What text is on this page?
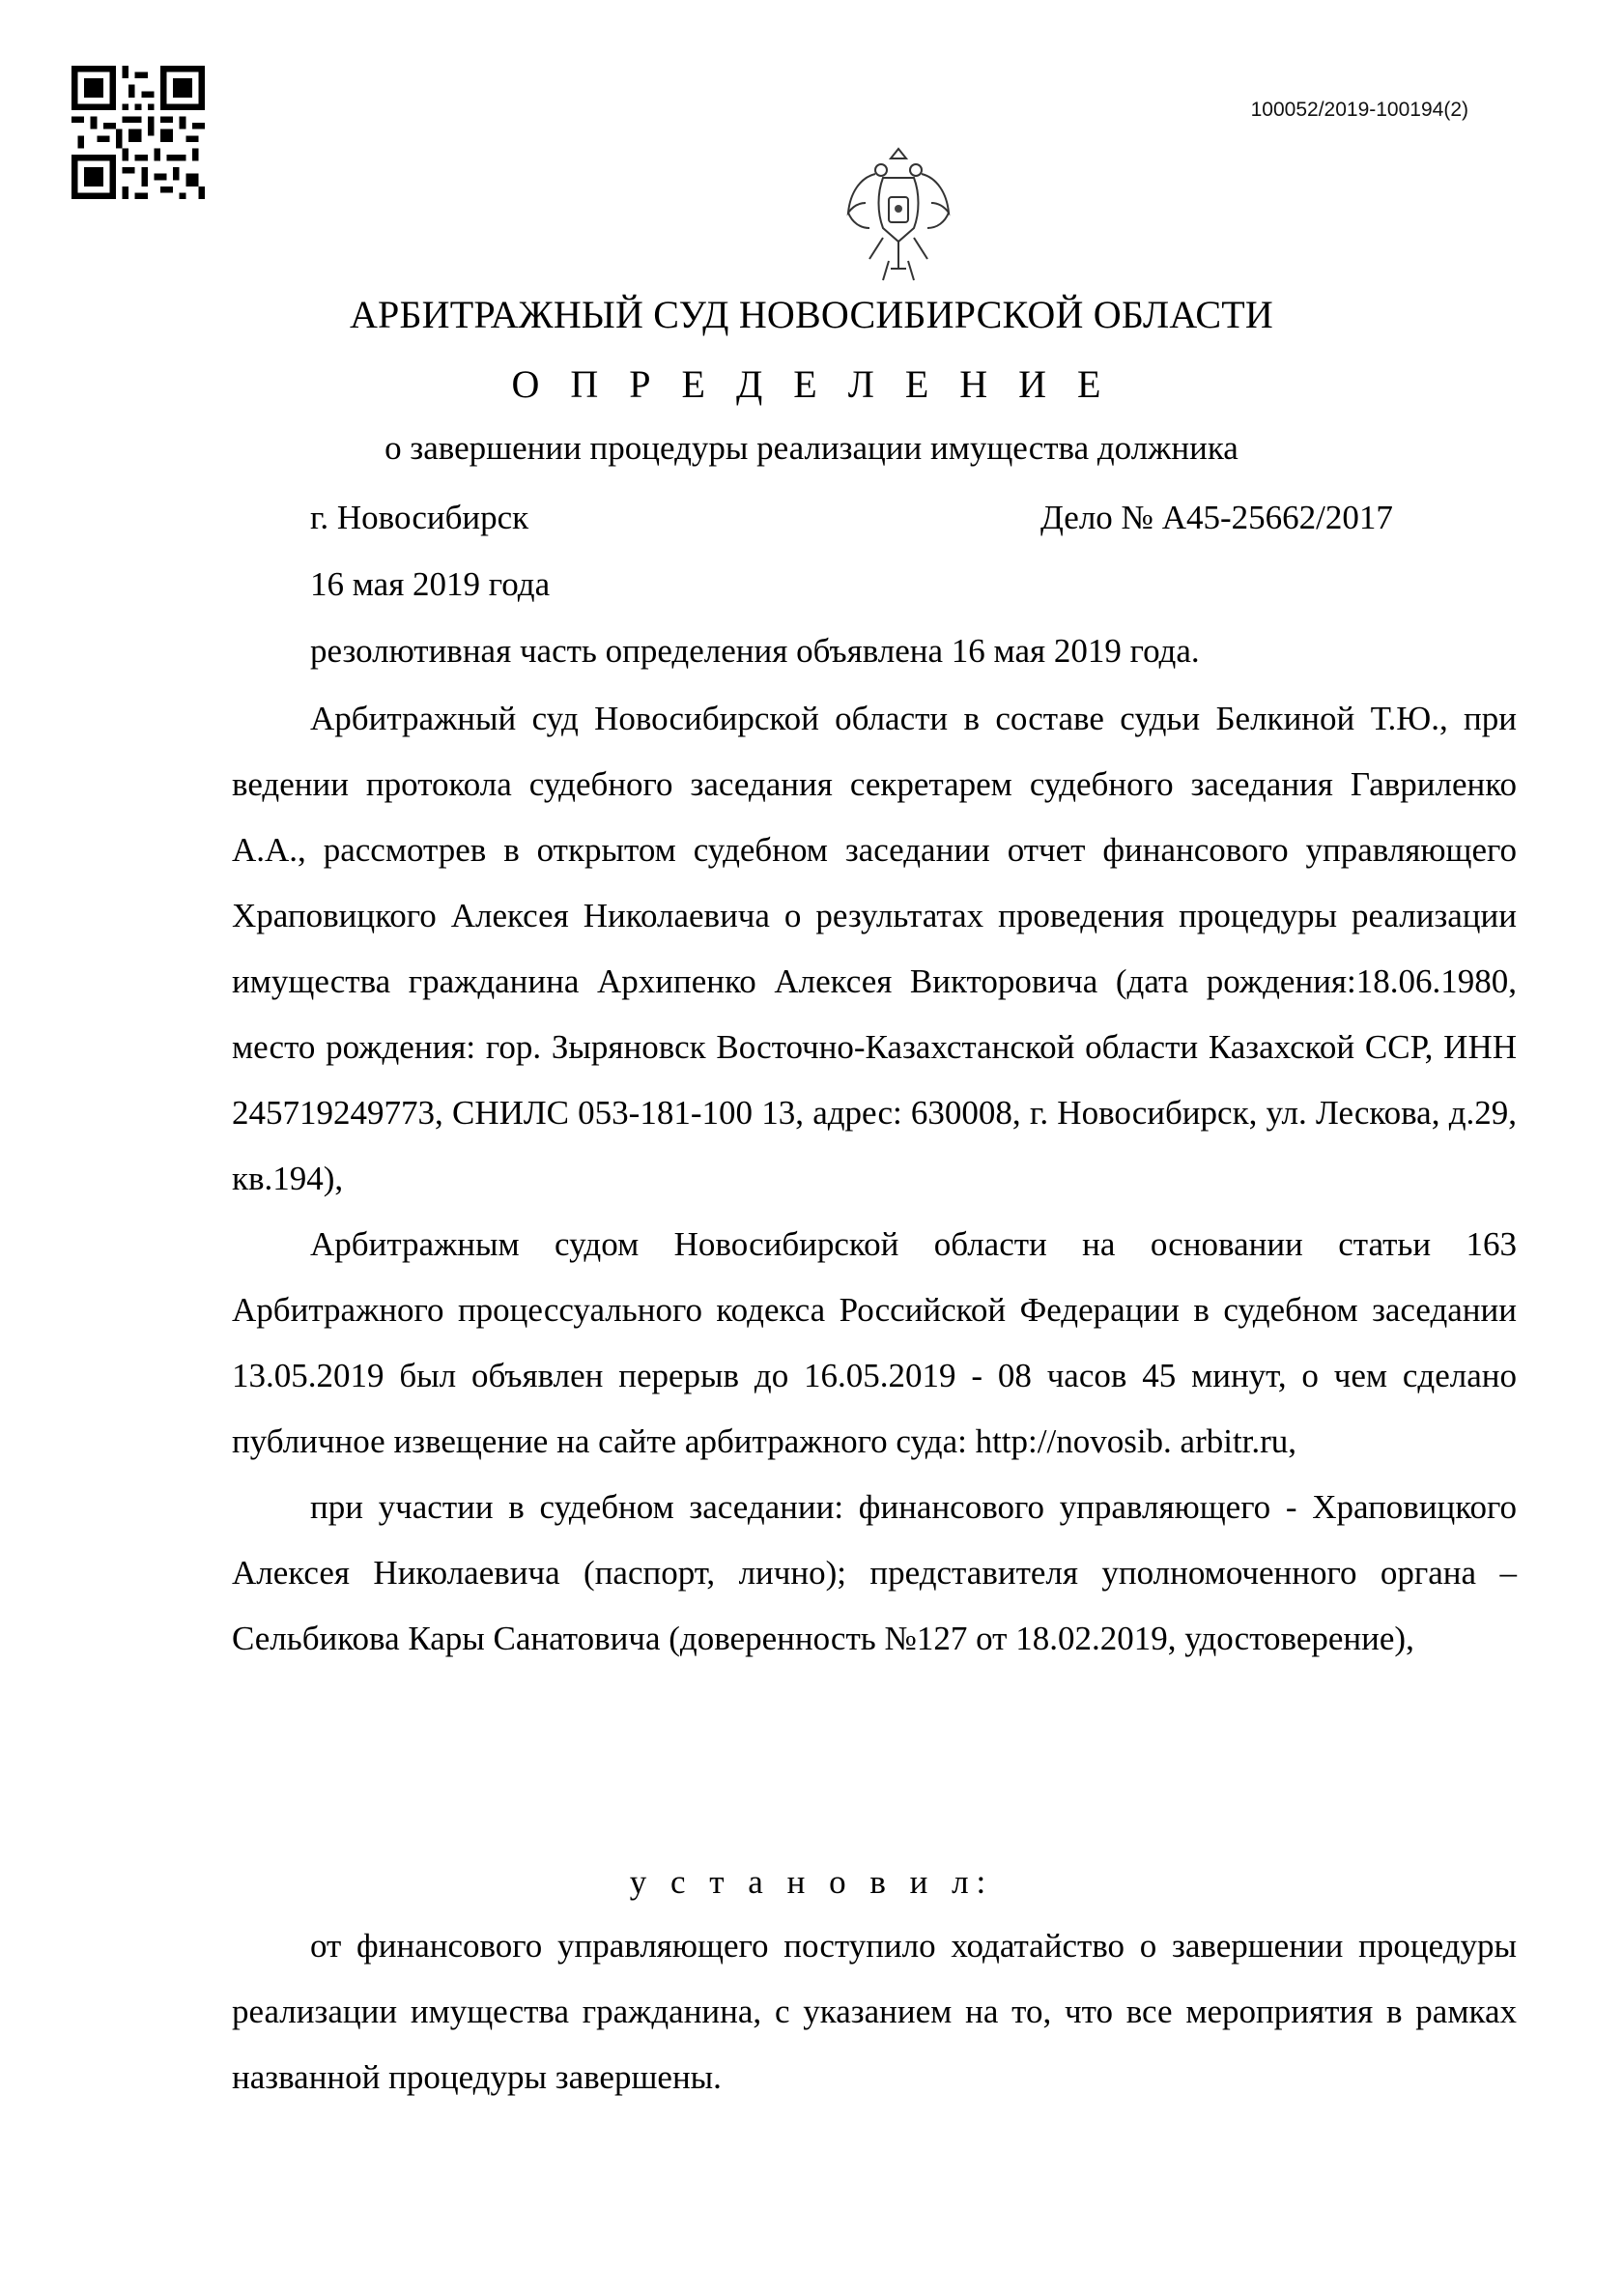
100052/2019-100194(2)
АРБИТРАЖНЫЙ СУД НОВОСИБИРСКОЙ ОБЛАСТИ
О П Р Е Д Е Л Е Н И Е
о завершении процедуры реализации имущества должника
г. Новосибирск	Дело № А45-25662/2017
16 мая 2019 года
резолютивная часть определения объявлена 16 мая 2019 года.

Арбитражный суд Новосибирской области в составе судьи Белкиной Т.Ю., при ведении протокола судебного заседания секретарем судебного заседания Гавриленко А.А., рассмотрев в открытом судебном заседании отчет финансового управляющего Храповицкого Алексея Николаевича о результатах проведения процедуры реализации имущества гражданина Архипенко Алексея Викторовича (дата рождения:18.06.1980, место рождения: гор. Зыряновск Восточно-Казахстанской области Казахской ССР, ИНН 245719249773, СНИЛС 053-181-100 13, адрес: 630008, г. Новосибирск, ул. Лескова, д.29, кв.194),

Арбитражным судом Новосибирской области на основании статьи 163 Арбитражного процессуального кодекса Российской Федерации в судебном заседании 13.05.2019 был объявлен перерыв до 16.05.2019 - 08 часов 45 минут, о чем сделано публичное извещение на сайте арбитражного суда: http://novosib. arbitr.ru,

при участии в судебном заседании: финансового управляющего - Храповицкого Алексея Николаевича (паспорт, лично); представителя уполномоченного органа – Сельбикова Кары Санатовича (доверенность №127 от 18.02.2019, удостоверение),

у с т а н о в и л:

от финансового управляющего поступило ходатайство о завершении процедуры реализации имущества гражданина, с указанием на то, что все мероприятия в рамках названной процедуры завершены.
